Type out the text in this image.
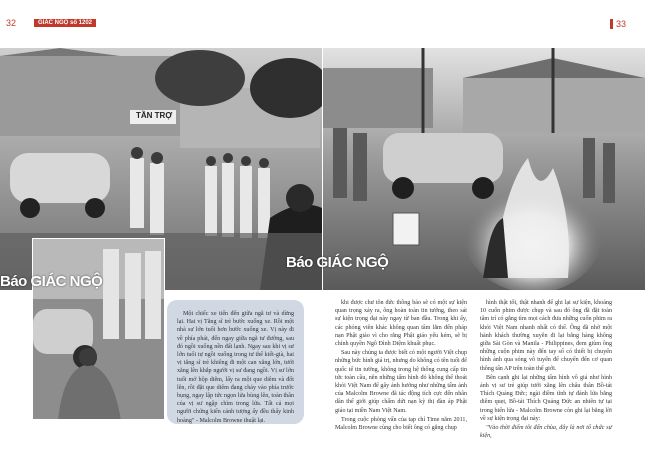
32	GIÁC NGỘ số 1202	33
TẦN TRỢ
Báo GIÁC NGỘ
Báo GIÁC NGỘ

Một chiếc xe tiến đến giữa ngã tư và dừng lại. Hai vị Tăng sĩ trẻ bước xuống xe. Rồi một nhà sư lớn tuổi hơn bước xuống xe. Vị này đi về phía phát, đến ngay giữa ngã tư đường, sau đó ngồi xuống nền đất lạnh. Ngay sau khi vị sư lớn tuổi tự ngồi xuống trong tư thế kiết-già, hai vị tăng sĩ trẻ khiêng đi một can xăng lớn, tưới xăng lên khắp người vị sư đang ngồi. Vị sư lớn tuổi mở hộp diêm, lấy ra một que diêm và đốt lên, rồi đặt que diêm đang cháy vào phía trước bụng, ngay lập tức ngọn lửa bùng lên, toàn thân của vị sư ngập chìm trong lửa. Tất cả mọi người chứng kiến cảnh tượng ấy đều thấy kinh hoàng" - Malcolm Browne thuật lại.

khi được chư tôn đức thông báo sẽ có một sự kiện quan trọng xảy ra, ông hoàn toàn tin tưởng, theo sát sự kiện trọng đại này ngay từ ban đầu. Trong khi ấy, các phóng viên khác không quan tâm lắm đến pháp nạn Phật giáo vì cho rằng Phật giáo yếu kém, sẽ bị chính quyền Ngô Đình Diệm khuất phục.

Sau này chúng ta được biết có một người Việt chụp những bức hình giá trị, nhưng do không có tên tuổi để quốc tế tin tưởng, không trong hệ thống cung cấp tin tức toàn cầu, nên những tấm hình đó không thể thoát khỏi Việt Nam để gây ảnh hưởng như những tấm ảnh của Malcolm Browne đã tác động tích cực đến nhân dân thế giới giúp chấm dứt nạn kỳ thị đàn áp Phật giáo tại miền Nam Việt Nam.

Trong cuộc phỏng vấn của tạp chí Time năm 2011, Malcolm Browne cùng cho biết ông có gắng chụp

hình thật tốt, thật nhanh để ghi lại sự kiện, khoảng 10 cuốn phim được chụp và sau đó ông đã đặt toàn tâm trí có gắng tìm mọi cách đưa những cuốn phim ra khỏi Việt Nam nhanh nhất có thể. Ông đã nhờ một hành khách thường xuyên đi lại bằng hàng không giữa Sài Gòn và Manila - Philippines, đem giùm ông những cuộn phim này đến tay số có thiết bị chuyển hình ảnh qua sóng vô tuyến để chuyển đến cơ quan thông tấn AP trên toàn thế giới.

Bên cạnh ghi lại những tấm hình vô giá như hình ảnh vị sư trẻ giúp tưới xăng lên châu thân Bồ-tát Thích Quảng Đức; ngài điềm tĩnh tự đánh lửa bằng diêm quẹt, Bồ-tát Thích Quảng Đức an nhiên tự tại trong biển lửa - Malcolm Browne còn ghi lại bằng lời về sự kiện trọng đại này:

"Vào thời điểm tôi đến chùa, đây là nơi tổ chức sự kiện,
